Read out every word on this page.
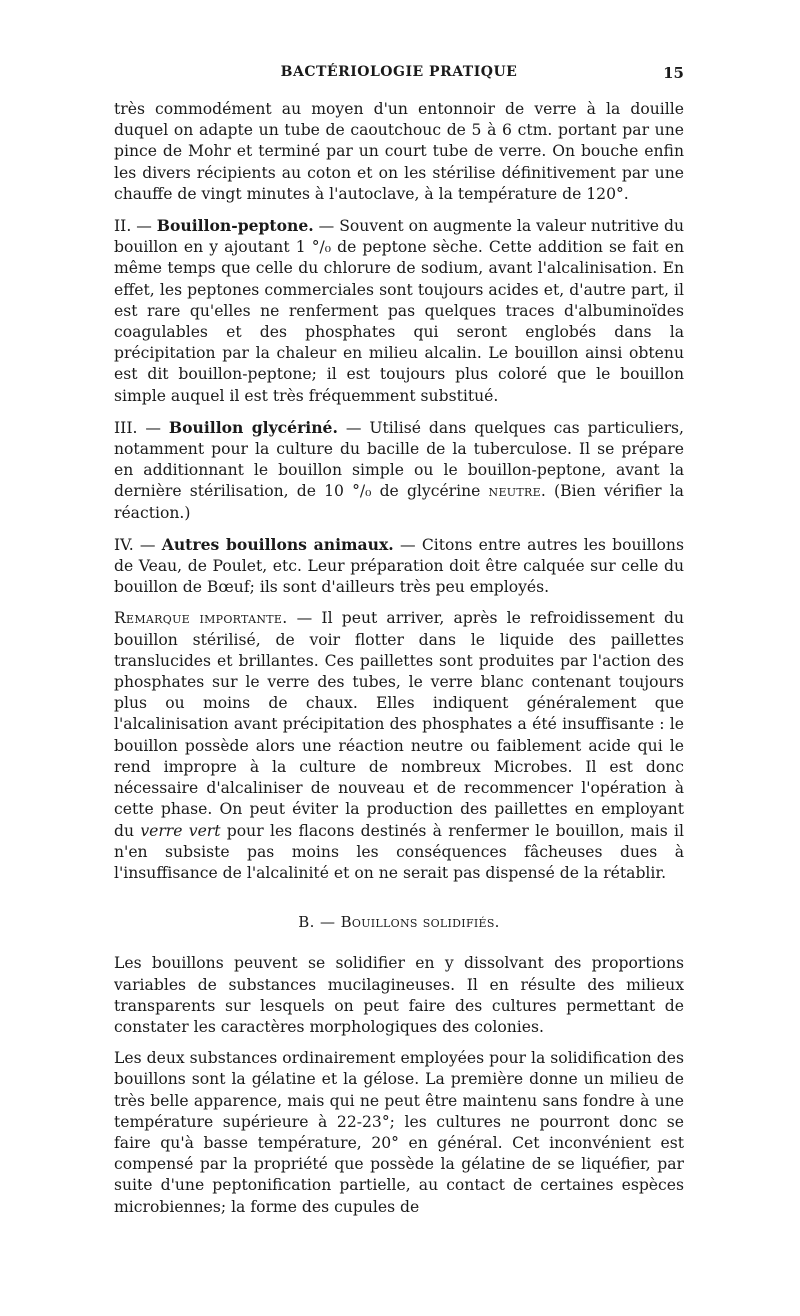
BACTÉRIOLOGIE PRATIQUE	15

très commodément au moyen d'un entonnoir de verre à la douille duquel on adapte un tube de caoutchouc de 5 à 6 ctm. portant par une pince de Mohr et terminé par un court tube de verre. On bouche enfin les divers récipients au coton et on les stérilise définitivement par une chauffe de vingt minutes à l'autoclave, à la température de 120°.

II. — Bouillon-peptone. — Souvent on augmente la valeur nutritive du bouillon en y ajoutant 1 °/₀ de peptone sèche. Cette addition se fait en même temps que celle du chlorure de sodium, avant l'alcalinisation. En effet, les peptones commerciales sont toujours acides et, d'autre part, il est rare qu'elles ne renferment pas quelques traces d'albuminoïdes coagulables et des phosphates qui seront englobés dans la précipitation par la chaleur en milieu alcalin. Le bouillon ainsi obtenu est dit bouillon-peptone; il est toujours plus coloré que le bouillon simple auquel il est très fréquemment substitué.

III. — Bouillon glycériné. — Utilisé dans quelques cas particuliers, notamment pour la culture du bacille de la tuberculose. Il se prépare en additionnant le bouillon simple ou le bouillon-peptone, avant la dernière stérilisation, de 10 °/₀ de glycérine neutre. (Bien vérifier la réaction.)

IV. — Autres bouillons animaux. — Citons entre autres les bouillons de Veau, de Poulet, etc. Leur préparation doit être calquée sur celle du bouillon de Bœuf; ils sont d'ailleurs très peu employés.

Remarque importante. — Il peut arriver, après le refroidissement du bouillon stérilisé, de voir flotter dans le liquide des paillettes translucides et brillantes. Ces paillettes sont produites par l'action des phosphates sur le verre des tubes, le verre blanc contenant toujours plus ou moins de chaux. Elles indiquent généralement que l'alcalinisation avant précipitation des phosphates a été insuffisante : le bouillon possède alors une réaction neutre ou faiblement acide qui le rend impropre à la culture de nombreux Microbes. Il est donc nécessaire d'alcaliniser de nouveau et de recommencer l'opération à cette phase. On peut éviter la production des paillettes en employant du verre vert pour les flacons destinés à renfermer le bouillon, mais il n'en subsiste pas moins les conséquences fâcheuses dues à l'insuffisance de l'alcalinité et on ne serait pas dispensé de la rétablir.

B. — Bouillons solidifiés.

Les bouillons peuvent se solidifier en y dissolvant des proportions variables de substances mucilagineuses. Il en résulte des milieux transparents sur lesquels on peut faire des cultures permettant de constater les caractères morphologiques des colonies.

Les deux substances ordinairement employées pour la solidification des bouillons sont la gélatine et la gélose. La première donne un milieu de très belle apparence, mais qui ne peut être maintenu sans fondre à une température supérieure à 22-23°; les cultures ne pourront donc se faire qu'à basse température, 20° en général. Cet inconvénient est compensé par la propriété que possède la gélatine de se liquéfier, par suite d'une peptonification partielle, au contact de certaines espèces microbiennes; la forme des cupules de
